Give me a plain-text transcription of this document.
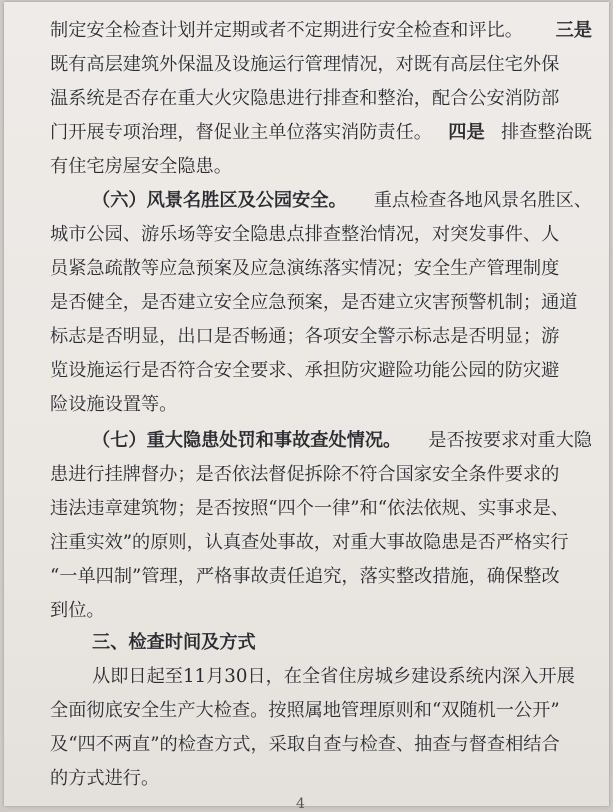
制定安全检查计划并定期或者不定期进行安全检查和评比。 三是
既有高层建筑外保温及设施运行管理情况，对既有高层住宅外保
温系统是否存在重大火灾隐患进行排查和整治，配合公安消防部
门开展专项治理，督促业主单位落实消防责任。 四是 排查整治既
有住宅房屋安全隐患。
（六）风景名胜区及公园安全。 重点检查各地风景名胜区、
城市公园、游乐场等安全隐患点排查整治情况，对突发事件、人
员紧急疏散等应急预案及应急演练落实情况；安全生产管理制度
是否健全，是否建立安全应急预案，是否建立灾害预警机制；通道
标志是否明显，出口是否畅通；各项安全警示标志是否明显；游
览设施运行是否符合安全要求、承担防灾避险功能公园的防灾避
险设施设置等。
（七）重大隐患处罚和事故查处情况。 是否按要求对重大隐
患进行挂牌督办；是否依法督促拆除不符合国家安全条件要求的
违法违章建筑物；是否按照“四个一律”和“依法依规、实事求是、
注重实效”的原则，认真查处事故，对重大事故隐患是否严格实行
“一单四制”管理，严格事故责任追究，落实整改措施，确保整改
到位。
三、检查时间及方式
从即日起至11月30日，在全省住房城乡建设系统内深入开展
全面彻底安全生产大检查。按照属地管理原则和“双随机一公开”
及“四不两直”的检查方式，采取自查与检查、抽查与督查相结合
的方式进行。
4
